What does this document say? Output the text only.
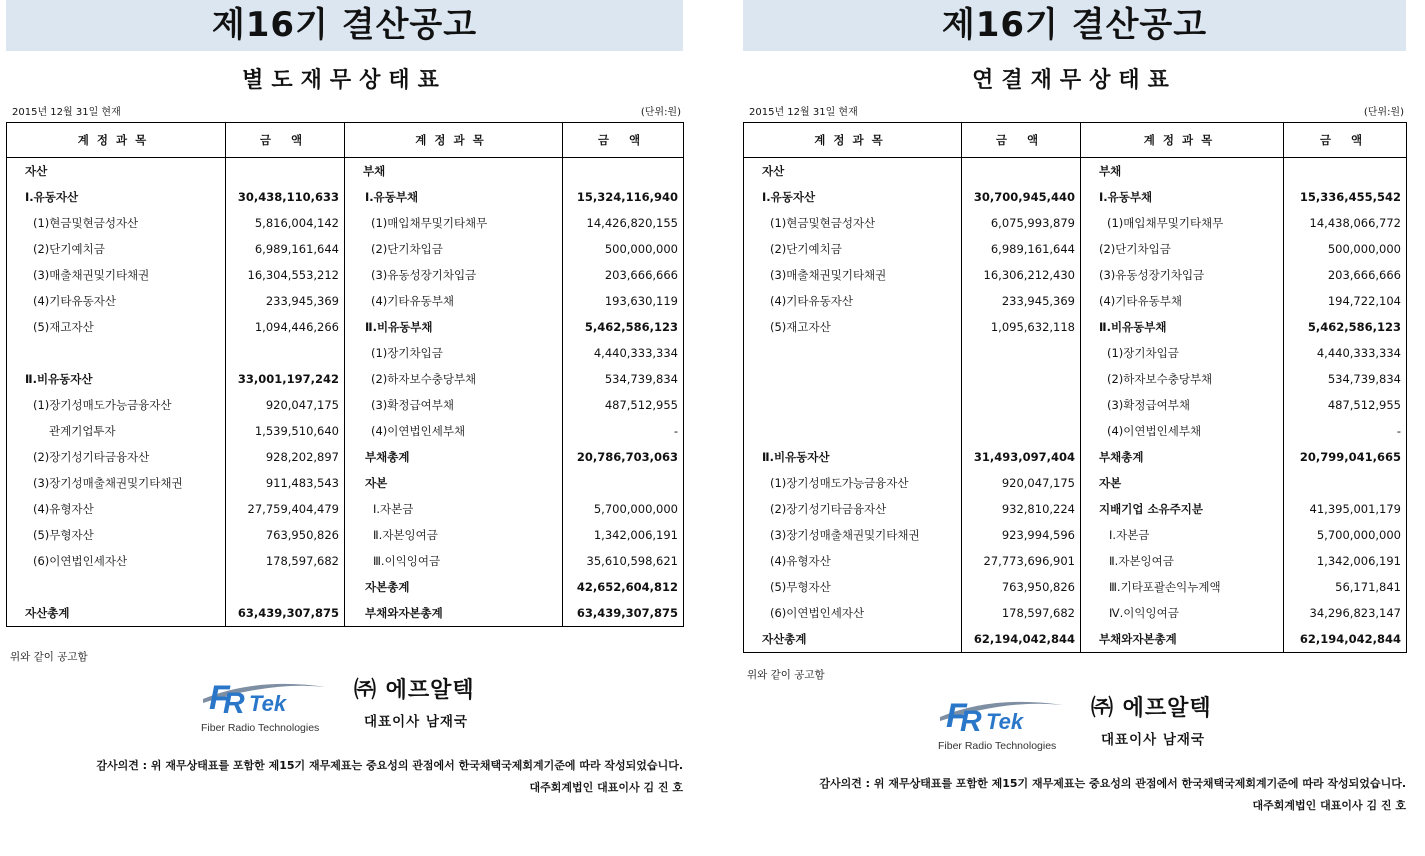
제16기 결산공고
별도재무상태표
2015년 12월 31일 현재	(단위:원)
계정과목	금 액	계정과목	금 액
자산		부채	
Ⅰ.유동자산	30,438,110,633	Ⅰ.유동부채	15,324,116,940
(1)현금및현금성자산	5,816,004,142	(1)매입채무및기타채무	14,426,820,155
(2)단기예치금	6,989,161,644	(2)단기차입금	500,000,000
(3)매출채권및기타채권	16,304,553,212	(3)유동성장기차입금	203,666,666
(4)기타유동자산	233,945,369	(4)기타유동부채	193,630,119
(5)재고자산	1,094,446,266	Ⅱ.비유동부채	5,462,586,123
		(1)장기차입금	4,440,333,334
Ⅱ.비유동자산	33,001,197,242	(2)하자보수충당부채	534,739,834
(1)장기성매도가능금융자산	920,047,175	(3)확정급여부채	487,512,955
관계기업투자	1,539,510,640	(4)이연법인세부채	-
(2)장기성기타금융자산	928,202,897	부채총계	20,786,703,063
(3)장기성매출채권및기타채권	911,483,543	자본	
(4)유형자산	27,759,404,479	Ⅰ.자본금	5,700,000,000
(5)무형자산	763,950,826	Ⅱ.자본잉여금	1,342,006,191
(6)이연법인세자산	178,597,682	Ⅲ.이익잉여금	35,610,598,621
		자본총계	42,652,604,812
자산총계	63,439,307,875	부채와자본총계	63,439,307,875
위와 같이 공고함
F
R Tek
Fiber Radio Technologies
㈜ 에프알텍
대표이사 남재국
감사의견 : 위 재무상태표를 포함한 제15기 재무제표는 중요성의 관점에서 한국채택국제회계기준에 따라 작성되었습니다.
대주회계법인 대표이사 김 진 호
제16기 결산공고
연결재무상태표
2015년 12월 31일 현재	(단위:원)
계정과목	금 액	계정과목	금 액
자산		부채	
Ⅰ.유동자산	30,700,945,440	Ⅰ.유동부채	15,336,455,542
(1)현금및현금성자산	6,075,993,879	(1)매입채무및기타채무	14,438,066,772
(2)단기예치금	6,989,161,644	(2)단기차입금	500,000,000
(3)매출채권및기타채권	16,306,212,430	(3)유동성장기차입금	203,666,666
(4)기타유동자산	233,945,369	(4)기타유동부채	194,722,104
(5)재고자산	1,095,632,118	Ⅱ.비유동부채	5,462,586,123
		(1)장기차입금	4,440,333,334
		(2)하자보수충당부채	534,739,834
		(3)확정급여부채	487,512,955
		(4)이연법인세부채	-
Ⅱ.비유동자산	31,493,097,404	부채총계	20,799,041,665
(1)장기성매도가능금융자산	920,047,175	자본	
(2)장기성기타금융자산	932,810,224	지배기업 소유주지분	41,395,001,179
(3)장기성매출채권및기타채권	923,994,596	Ⅰ.자본금	5,700,000,000
(4)유형자산	27,773,696,901	Ⅱ.자본잉여금	1,342,006,191
(5)무형자산	763,950,826	Ⅲ.기타포괄손익누계액	56,171,841
(6)이연법인세자산	178,597,682	Ⅳ.이익잉여금	34,296,823,147
자산총계	62,194,042,844	부채와자본총계	62,194,042,844
위와 같이 공고함
F
R Tek
Fiber Radio Technologies
㈜ 에프알텍
대표이사 남재국
감사의견 : 위 재무상태표를 포함한 제15기 재무제표는 중요성의 관점에서 한국채택국제회계기준에 따라 작성되었습니다.
대주회계법인 대표이사 김 진 호
